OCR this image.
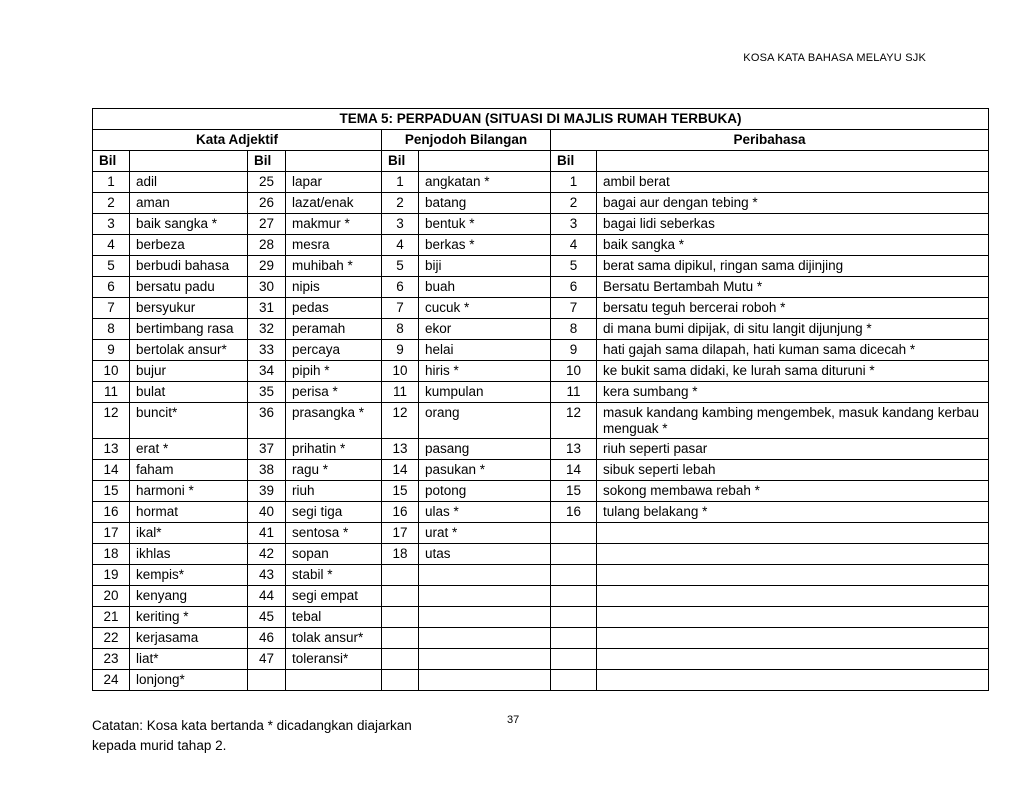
KOSA KATA BAHASA MELAYU SJK
TEMA 5: PERPADUAN (SITUASI DI MAJLIS RUMAH TERBUKA)							
Kata Adjektif				Penjodoh Bilangan		Peribahasa	
Bil		Bil		Bil		Bil	
1	adil	25	lapar	1	angkatan *	1	ambil berat
2	aman	26	lazat/enak	2	batang	2	bagai aur dengan tebing *
3	baik sangka *	27	makmur *	3	bentuk *	3	bagai lidi seberkas
4	berbeza	28	mesra	4	berkas *	4	baik sangka *
5	berbudi bahasa	29	muhibah *	5	biji	5	berat sama dipikul, ringan sama dijinjing
6	bersatu padu	30	nipis	6	buah	6	Bersatu Bertambah Mutu *
7	bersyukur	31	pedas	7	cucuk *	7	bersatu teguh bercerai roboh *
8	bertimbang rasa	32	peramah	8	ekor	8	di mana bumi dipijak, di situ langit dijunjung *
9	bertolak ansur*	33	percaya	9	helai	9	hati gajah sama dilapah, hati kuman sama dicecah *
10	bujur	34	pipih *	10	hiris *	10	ke bukit sama didaki, ke lurah sama dituruni *
11	bulat	35	perisa *	11	kumpulan	11	kera sumbang *
12	buncit*	36	prasangka *	12	orang	12	masuk kandang kambing mengembek, masuk kandang kerbau menguak *
13	erat *	37	prihatin *	13	pasang	13	riuh seperti pasar
14	faham	38	ragu *	14	pasukan *	14	sibuk seperti lebah
15	harmoni *	39	riuh	15	potong	15	sokong membawa rebah *
16	hormat	40	segi tiga	16	ulas *	16	tulang belakang *
17	ikal*	41	sentosa *	17	urat *		
18	ikhlas	42	sopan	18	utas		
19	kempis*	43	stabil *				
20	kenyang	44	segi empat				
21	keriting *	45	tebal				
22	kerjasama	46	tolak ansur*				
23	liat*	47	toleransi*				
24	lonjong*						
Catatan: Kosa kata bertanda * dicadangkan diajarkan
kepada murid tahap 2.
37
